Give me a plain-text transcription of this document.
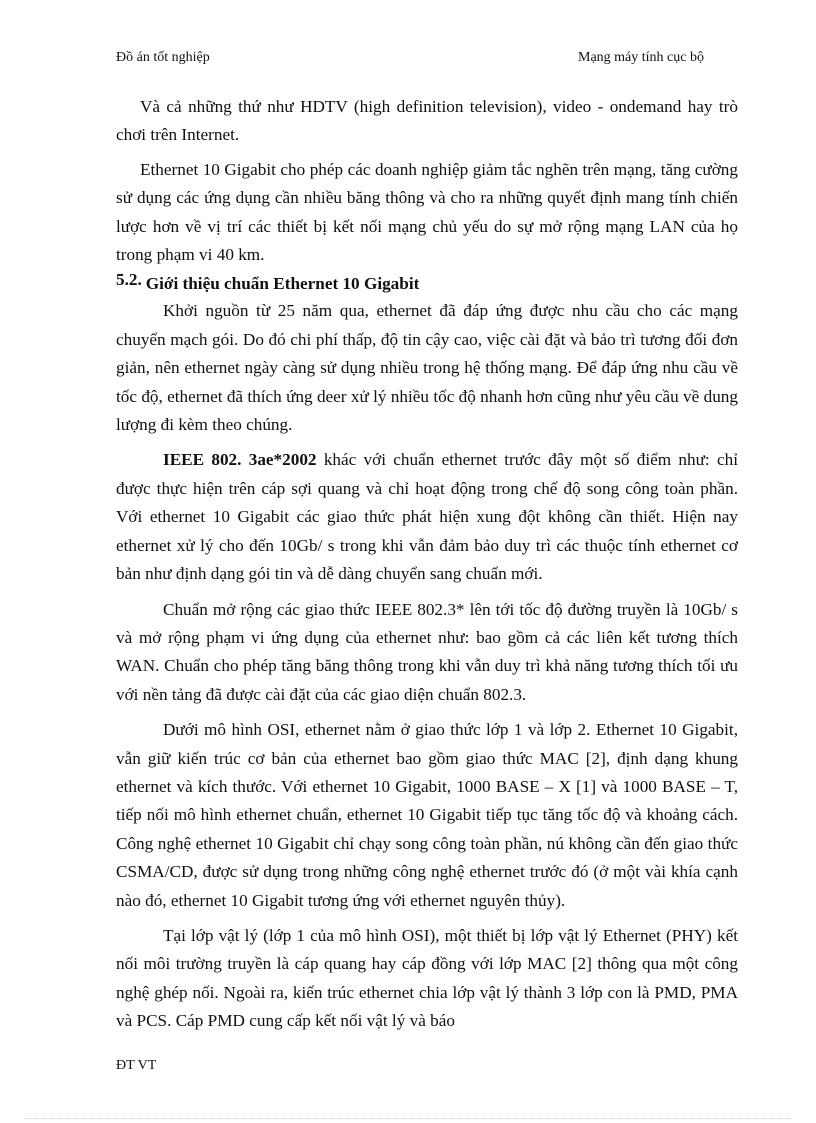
Đồ án tốt nghiệp	Mạng máy tính cục bộ

Và cả những thứ như HDTV (high definition television), video - ondemand hay trò chơi trên Internet.

Ethernet 10 Gigabit cho phép các doanh nghiệp giảm tắc nghẽn trên mạng, tăng cường sử dụng các ứng dụng cần nhiều băng thông và cho ra những quyết định mang tính chiến lược hơn về vị trí các thiết bị kết nối mạng chủ yếu do sự mở rộng mạng LAN của họ trong phạm vi 40 km.

5.2. Giới thiệu chuẩn Ethernet 10 Gigabit

Khởi nguồn từ 25 năm qua, ethernet đã đáp ứng được nhu cầu cho các mạng chuyển mạch gói. Do đó chi phí thấp, độ tin cậy cao, việc cài đặt và bảo trì tương đối đơn giản, nên ethernet ngày càng sử dụng nhiều trong hệ thống mạng. Để đáp ứng nhu cầu về tốc độ, ethernet đã thích ứng deer xử lý nhiều tốc độ nhanh hơn cũng như yêu cầu về dung lượng đi kèm theo chúng.

IEEE 802. 3ae*2002 khác với chuẩn ethernet trước đây một số điểm như: chỉ được thực hiện trên cáp sợi quang và chỉ hoạt động trong chế độ song công toàn phần. Với ethernet 10 Gigabit các giao thức phát hiện xung đột không cần thiết. Hiện nay ethernet xử lý cho đến 10Gb/ s trong khi vẫn đảm bảo duy trì các thuộc tính ethernet cơ bản như định dạng gói tin và dễ dàng chuyển sang chuẩn mới.

Chuẩn mở rộng các giao thức IEEE 802.3* lên tới tốc độ đường truyền là 10Gb/ s và mở rộng phạm vi ứng dụng của ethernet như: bao gồm cả các liên kết tương thích WAN. Chuẩn cho phép tăng băng thông trong khi vẫn duy trì khả năng tương thích tối ưu với nền tảng đã được cài đặt của các giao diện chuẩn 802.3.

Dưới mô hình OSI, ethernet nằm ở giao thức lớp 1 và lớp 2. Ethernet 10 Gigabit, vẫn giữ kiến trúc cơ bản của ethernet bao gồm giao thức MAC [2], định dạng khung ethernet và kích thước. Với ethernet 10 Gigabit, 1000 BASE – X [1] và 1000 BASE – T, tiếp nối mô hình ethernet chuẩn, ethernet 10 Gigabit tiếp tục tăng tốc độ và khoảng cách. Công nghệ ethernet 10 Gigabit chỉ chạy song công toàn phần, nú không cần đến giao thức CSMA/CD, được sử dụng trong những công nghệ ethernet trước đó (ở một vài khía cạnh nào đó, ethernet 10 Gigabit tương ứng với ethernet nguyên thủy).

Tại lớp vật lý (lớp 1 của mô hình OSI), một thiết bị lớp vật lý Ethernet (PHY) kết nối môi trường truyền là cáp quang hay cáp đồng với lớp MAC [2] thông qua một công nghệ ghép nối. Ngoài ra, kiến trúc ethernet chia lớp vật lý thành 3 lớp con là PMD, PMA và PCS. Cáp PMD cung cấp kết nối vật lý và báo

ĐT VT
